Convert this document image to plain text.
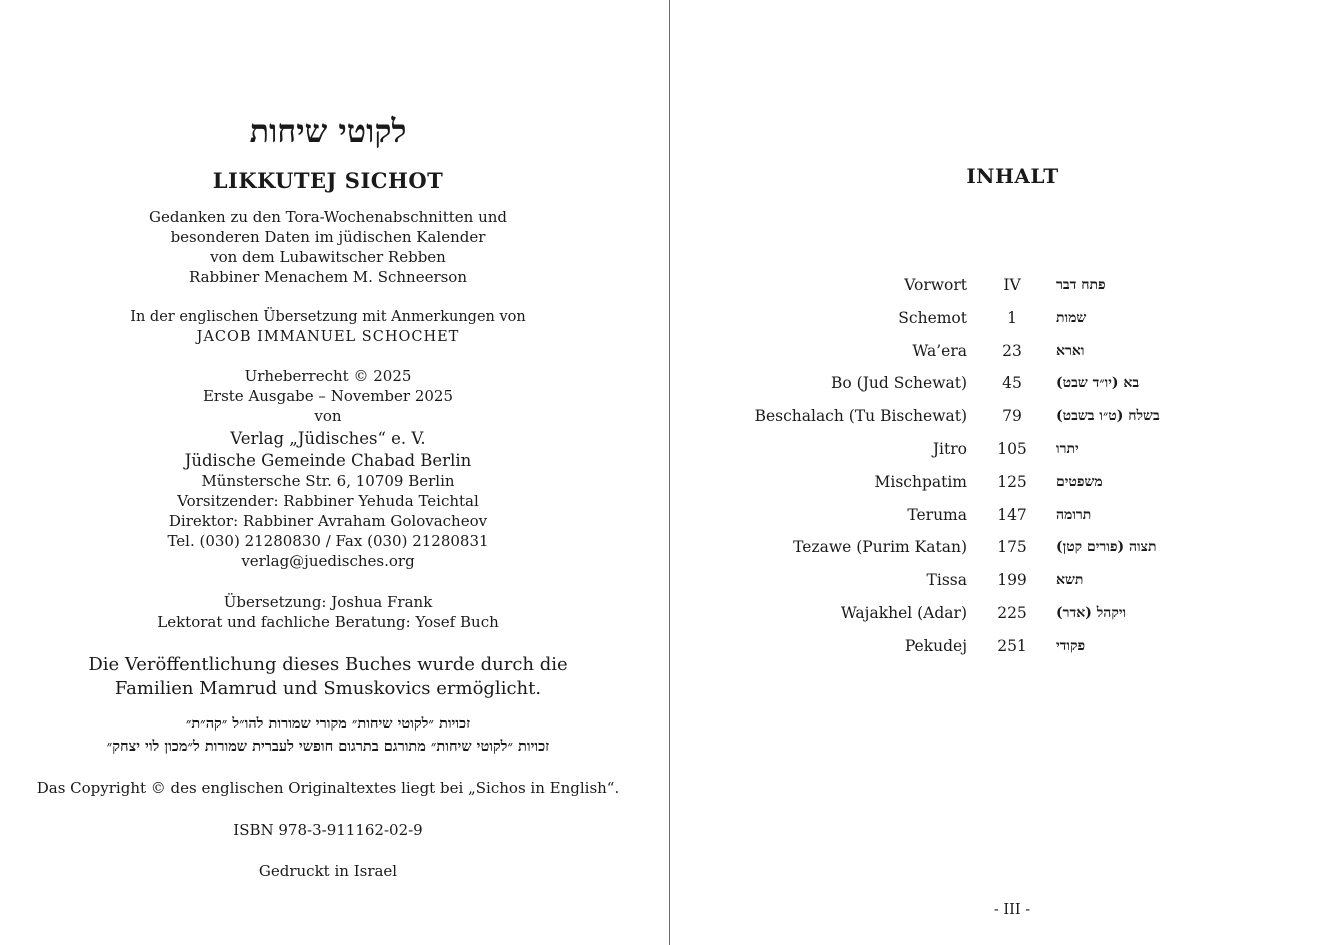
לקוטי שיחות
LIKKUTEJ SICHOT
Gedanken zu den Tora-Wochenabschnitten und
besonderen Daten im jüdischen Kalender
von dem Lubawitscher Rebben
Rabbiner Menachem M. Schneerson
In der englischen Übersetzung mit Anmerkungen von
JACOB IMMANUEL SCHOCHET
Urheberrecht © 2025
Erste Ausgabe – November 2025
von
Verlag „Jüdisches“ e. V.
Jüdische Gemeinde Chabad Berlin
Münstersche Str. 6, 10709 Berlin
Vorsitzender: Rabbiner Yehuda Teichtal
Direktor: Rabbiner Avraham Golovacheov
Tel. (030) 21280830 / Fax (030) 21280831
verlag@juedisches.org
Übersetzung: Joshua Frank
Lektorat und fachliche Beratung: Yosef Buch
Die Veröffentlichung dieses Buches wurde durch die
Familien Mamrud und Smuskovics ermöglicht.
זכויות ״לקוטי שיחות״ מקורי שמורות להו״ל ״קה״ת״
זכויות ״לקוטי שיחות״ מתורגם בתרגום חופשי לעברית שמורות ל״מכון לוי יצחק״
Das Copyright © des englischen Originaltextes liegt bei „Sichos in English“.
ISBN 978-3-911162-02-9
Gedruckt in Israel
INHALT
Vorwort	IV	פתח דבר
Schemot	1	שמות
Wa’era	23	וארא
Bo (Jud Schewat)	45	בא (יו״ד שבט)
Beschalach (Tu Bischewat)	79	בשלח (ט״ו בשבט)
Jitro	105	יתרו
Mischpatim	125	משפטים
Teruma	147	תרומה
Tezawe (Purim Katan)	175	תצוה (פורים קטן)
Tissa	199	תשא
Wajakhel (Adar)	225	ויקהל (אדר)
Pekudej	251	פקודי
- III -
